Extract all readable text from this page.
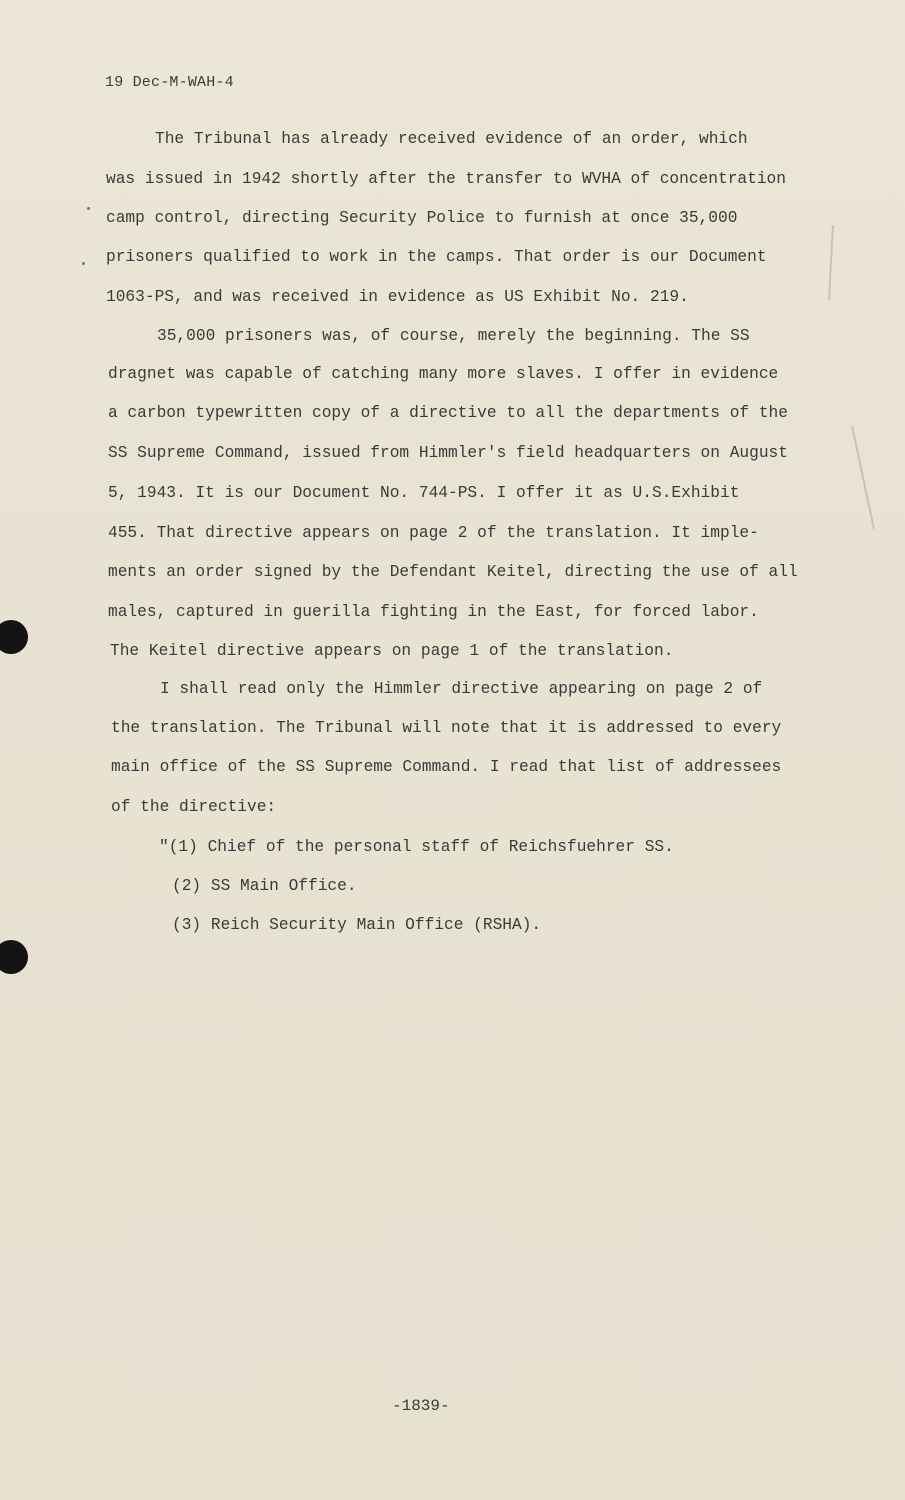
19 Dec-M-WAH-4
The Tribunal has already received evidence of an order, which
was issued in 1942 shortly after the transfer to WVHA of concentration
camp control, directing Security Police to furnish at once 35,000
prisoners qualified to work in the camps. That order is our Document
1063-PS, and was received in evidence as US Exhibit No. 219.
35,000 prisoners was, of course, merely the beginning. The SS
dragnet was capable of catching many more slaves. I offer in evidence
a carbon typewritten copy of a directive to all the departments of the
SS Supreme Command, issued from Himmler's field headquarters on August
5, 1943. It is our Document No. 744-PS. I offer it as U.S.Exhibit
455. That directive appears on page 2 of the translation. It imple-
ments an order signed by the Defendant Keitel, directing the use of all
males, captured in guerilla fighting in the East, for forced labor.
The Keitel directive appears on page 1 of the translation.
I shall read only the Himmler directive appearing on page 2 of
the translation. The Tribunal will note that it is addressed to every
main office of the SS Supreme Command. I read that list of addressees
of the directive:
"(1) Chief of the personal staff of Reichsfuehrer SS.
(2) SS Main Office.
(3) Reich Security Main Office (RSHA).
-1839-
